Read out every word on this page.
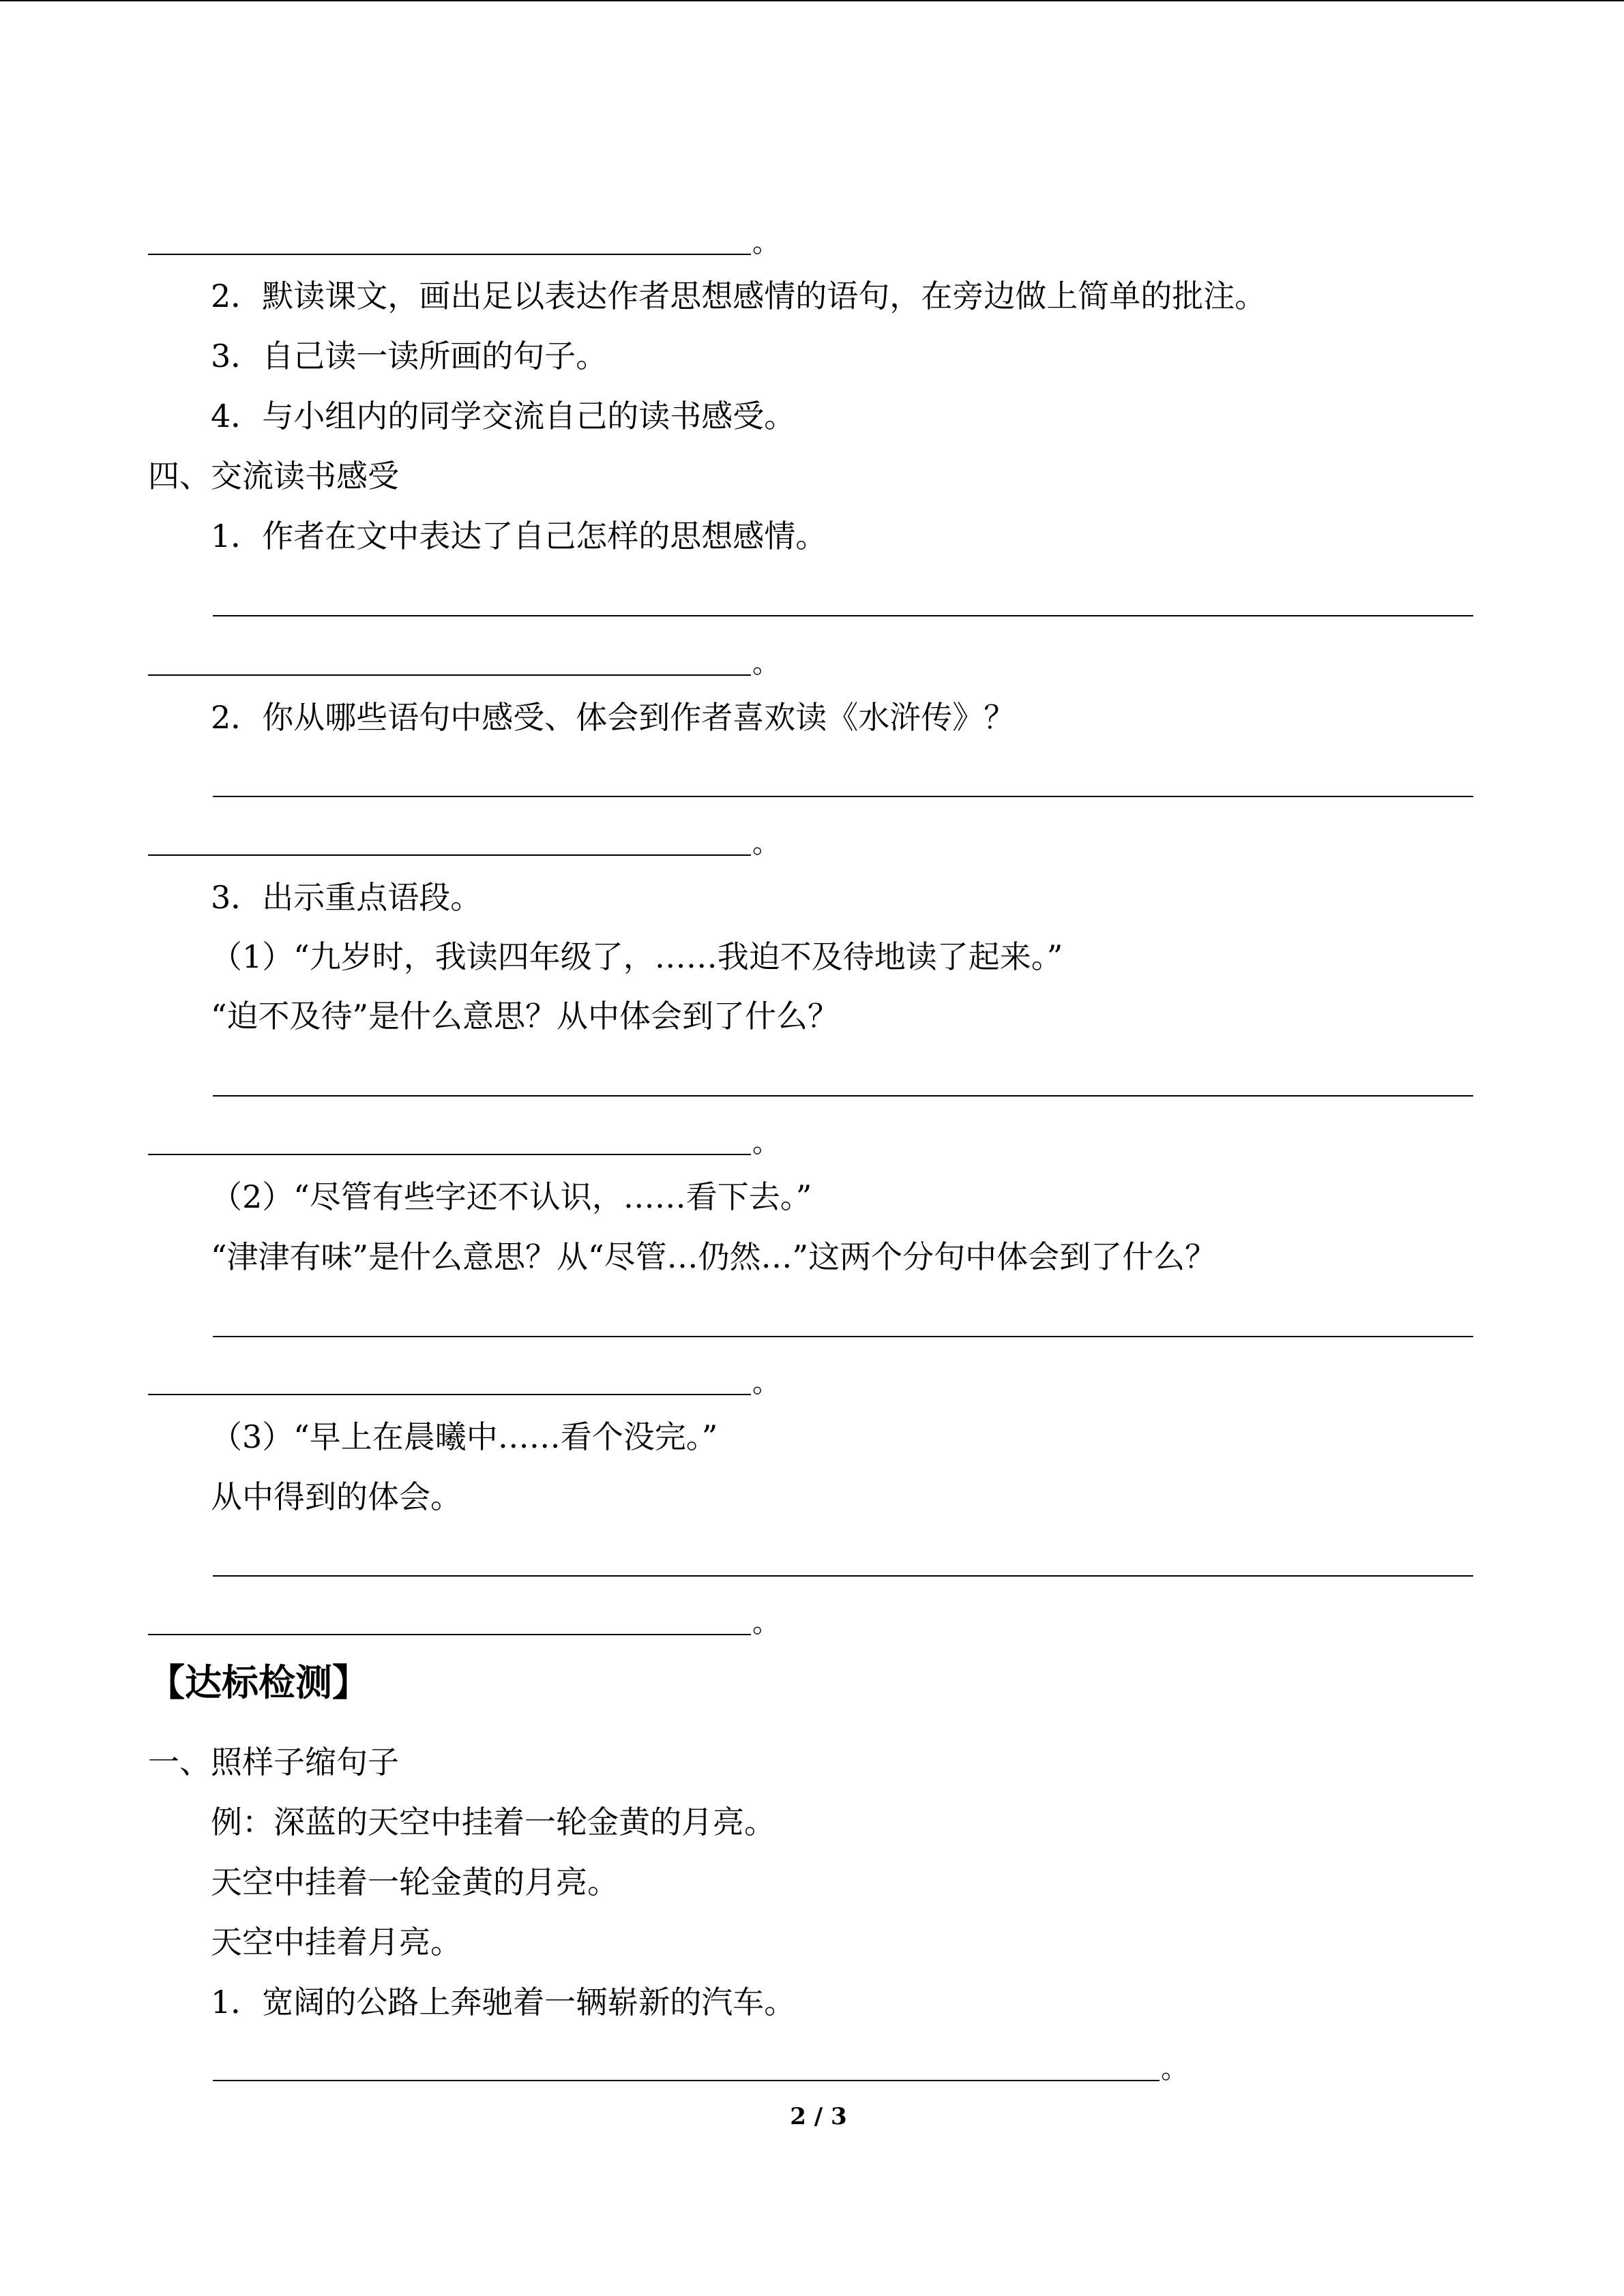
。
2．默读课文，画出足以表达作者思想感情的语句，在旁边做上简单的批注。
3．自己读一读所画的句子。
4．与小组内的同学交流自己的读书感受。
四、交流读书感受
1．作者在文中表达了自己怎样的思想感情。
。
2．你从哪些语句中感受、体会到作者喜欢读《水浒传》？
。
3．出示重点语段。
（1）“九岁时，我读四年级了，……我迫不及待地读了起来。”
“迫不及待”是什么意思？从中体会到了什么？
。
（2）“尽管有些字还不认识，……看下去。”
“津津有味”是什么意思？从“尽管…仍然…”这两个分句中体会到了什么？
。
（3）“早上在晨曦中……看个没完。”
从中得到的体会。
。
【达标检测】
一、照样子缩句子
例：深蓝的天空中挂着一轮金黄的月亮。
天空中挂着一轮金黄的月亮。
天空中挂着月亮。
1．宽阔的公路上奔驰着一辆崭新的汽车。
。
2 / 3
